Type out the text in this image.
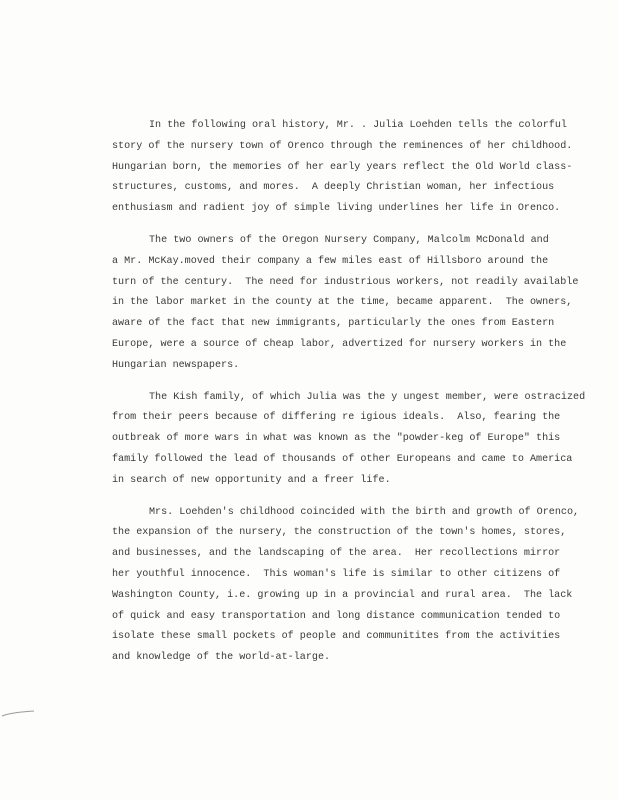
In the following oral history, Mr. . Julia Loehden tells the colorful
story of the nursery town of Orenco through the reminences of her childhood.
Hungarian born, the memories of her early years reflect the Old World class-
structures, customs, and mores.  A deeply Christian woman, her infectious
enthusiasm and radient joy of simple living underlines her life in Orenco.
The two owners of the Oregon Nursery Company, Malcolm McDonald and
a Mr. McKay.moved their company a few miles east of Hillsboro around the
turn of the century.  The need for industrious workers, not readily available
in the labor market in the county at the time, became apparent.  The owners,
aware of the fact that new immigrants, particularly the ones from Eastern
Europe, were a source of cheap labor, advertized for nursery workers in the
Hungarian newspapers.
The Kish family, of which Julia was the y ungest member, were ostracized
from their peers because of differing re igious ideals.  Also, fearing the
outbreak of more wars in what was known as the "powder-keg of Europe" this
family followed the lead of thousands of other Europeans and came to America
in search of new opportunity and a freer life.
Mrs. Loehden's childhood coincided with the birth and growth of Orenco,
the expansion of the nursery, the construction of the town's homes, stores,
and businesses, and the landscaping of the area.  Her recollections mirror
her youthful innocence.  This woman's life is similar to other citizens of
Washington County, i.e. growing up in a provincial and rural area.  The lack
of quick and easy transportation and long distance communication tended to
isolate these small pockets of people and communitites from the activities
and knowledge of the world-at-large.
